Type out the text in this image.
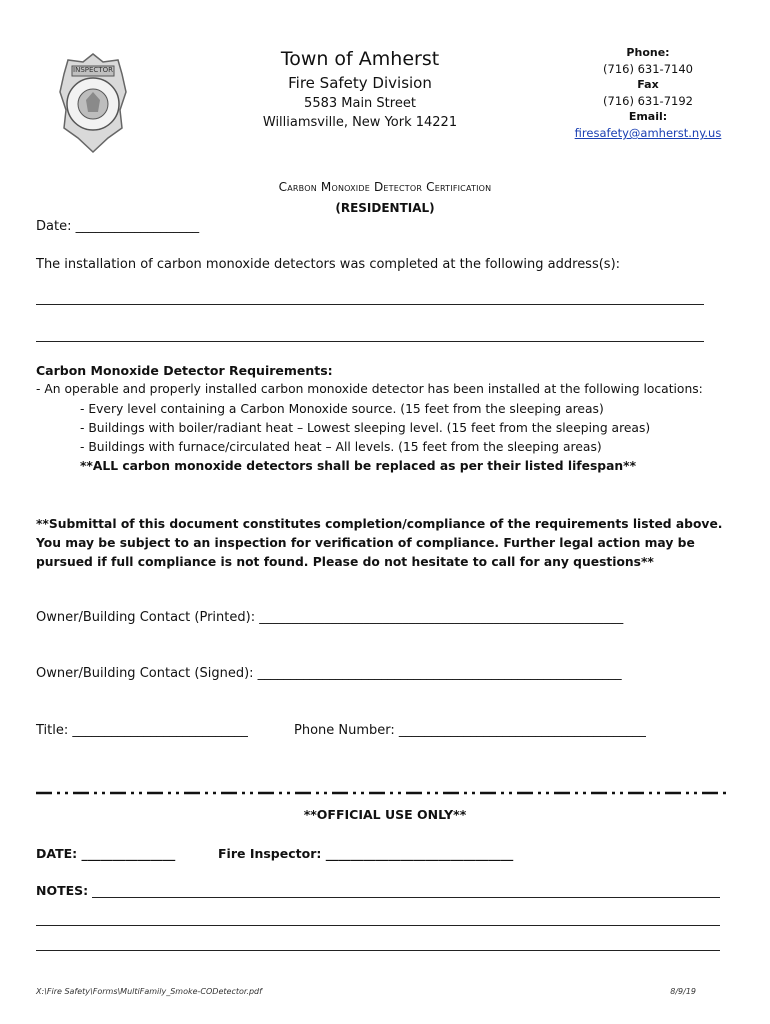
INSPECTOR	Town of Amherst
Fire Safety Division
5583 Main Street
Williamsville, New York 14221
Phone:
(716) 631-7140
Fax
(716) 631-7192
Email:
firesafety@amherst.ny.us
Carbon Monoxide Detector Certification
(RESIDENTIAL)
Date: ___________________
The installation of carbon monoxide detectors was completed at the following address(s):
Carbon Monoxide Detector Requirements:
- An operable and properly installed carbon monoxide detector has been installed at the following locations:
- Every level containing a Carbon Monoxide source. (15 feet from the sleeping areas)
- Buildings with boiler/radiant heat – Lowest sleeping level. (15 feet from the sleeping areas)
- Buildings with furnace/circulated heat – All levels. (15 feet from the sleeping areas)
**ALL carbon monoxide detectors shall be replaced as per their listed lifespan**
**Submittal of this document constitutes completion/compliance of the requirements listed above. You may be subject to an inspection for verification of compliance. Further legal action may be pursued if full compliance is not found. Please do not hesitate to call for any questions**
Owner/Building Contact (Printed): ________________________________________________________
Owner/Building Contact (Signed): ________________________________________________________
Title: ___________________________	Phone Number: ______________________________________
**OFFICIAL USE ONLY**
DATE: _______________	Fire Inspector: ______________________________
NOTES:
X:\Fire Safety\Forms\MultiFamily_Smoke-CODetector.pdf	8/9/19
